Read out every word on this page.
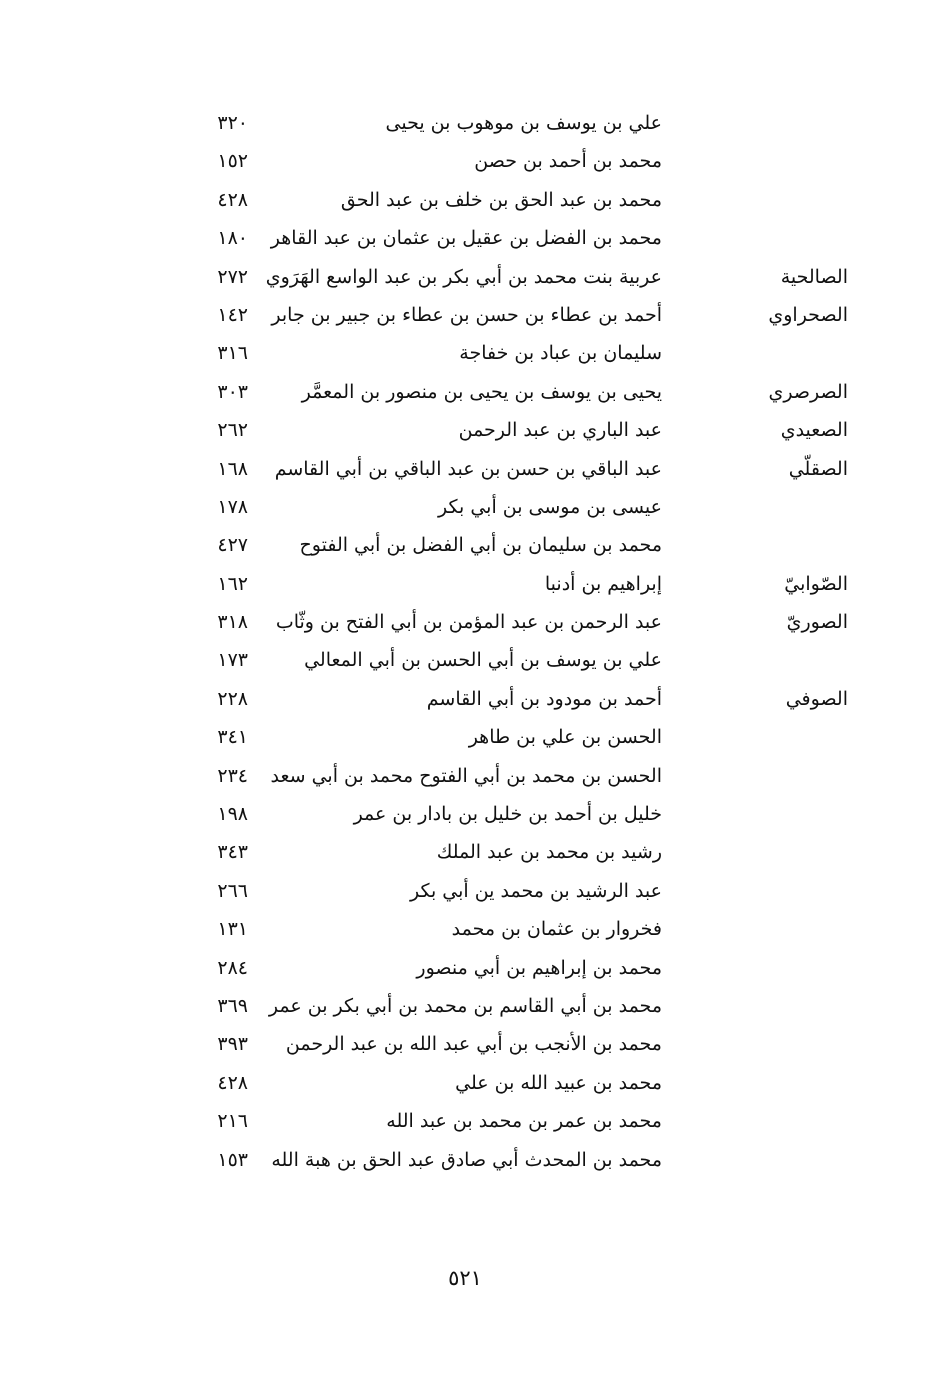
علي بن يوسف بن موهوب بن يحيى
٣٢٠
محمد بن أحمد بن حصن
١٥٢
محمد بن عبد الحق بن خلف بن عبد الحق
٤٢٨
محمد بن الفضل بن عقيل بن عثمان بن عبد القاهر
١٨٠
الصالحية
عربية بنت محمد بن أبي بكر بن عبد الواسع الهَرَوي
٢٧٢
الصحراوي
أحمد بن عطاء بن حسن بن عطاء بن جبير بن جابر
١٤٢
سليمان بن عباد بن خفاجة
٣١٦
الصرصري
يحيى بن يوسف بن يحيى بن منصور بن المعمَّر
٣٠٣
الصعيدي
عبد الباري بن عبد الرحمن
٢٦٢
الصقلّي
عبد الباقي بن حسن بن عبد الباقي بن أبي القاسم
١٦٨
عيسى بن موسى بن أبي بكر
١٧٨
محمد بن سليمان بن أبي الفضل بن أبي الفتوح
٤٢٧
الصّوابيّ
إبراهيم بن أدنبا
١٦٢
الصوريّ
عبد الرحمن بن عبد المؤمن بن أبي الفتح بن وثّاب
٣١٨
علي بن يوسف بن أبي الحسن بن أبي المعالي
١٧٣
الصوفي
أحمد بن مودود بن أبي القاسم
٢٢٨
الحسن بن علي بن طاهر
٣٤١
الحسن بن محمد بن أبي الفتوح محمد بن أبي سعد
٢٣٤
خليل بن أحمد بن خليل بن بادار بن عمر
١٩٨
رشيد بن محمد بن عبد الملك
٣٤٣
عبد الرشيد بن محمد ين أبي بكر
٢٦٦
فخروار بن عثمان بن محمد
١٣١
محمد بن إبراهيم بن أبي منصور
٢٨٤
محمد بن أبي القاسم بن محمد بن أبي بكر بن عمر
٣٦٩
محمد بن الأنجب بن أبي عبد الله بن عبد الرحمن
٣٩٣
محمد بن عبيد الله بن علي
٤٢٨
محمد بن عمر بن محمد بن عبد الله
٢١٦
محمد بن المحدث أبي صادق عبد الحق بن هبة الله
١٥٣
٥٢١
